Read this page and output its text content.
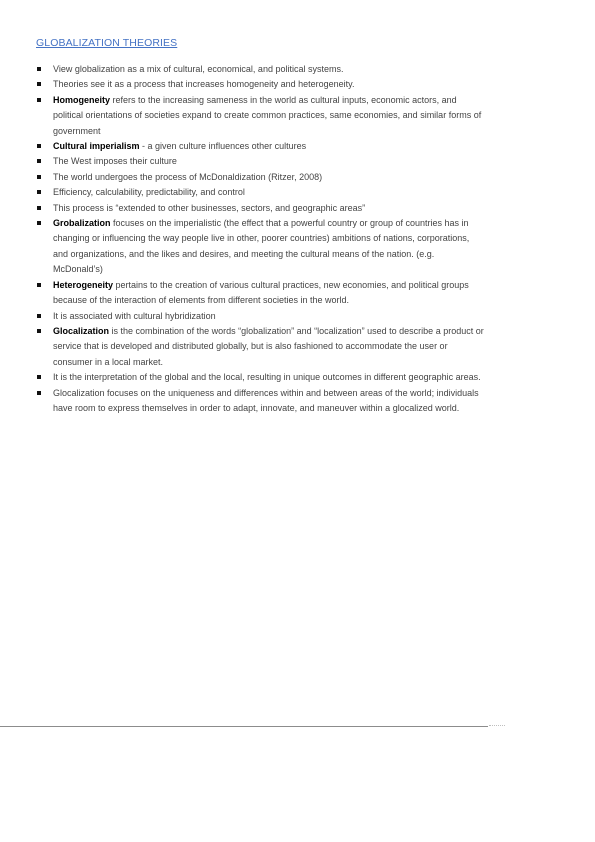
GLOBALIZATION THEORIES
View globalization as a mix of cultural, economical, and political systems.
Theories see it as a process that increases homogeneity and heterogeneity.
Homogeneity refers to the increasing sameness in the world as cultural inputs, economic actors, and political orientations of societies expand to create common practices, same economies, and similar forms of government
Cultural imperialism - a given culture influences other cultures
The West imposes their culture
The world undergoes the process of McDonaldization (Ritzer, 2008)
Efficiency, calculability, predictability, and control
This process is “extended to other businesses, sectors, and geographic areas”
Grobalization focuses on the imperialistic (the effect that a powerful country or group of countries has in changing or influencing the way people live in other, poorer countries) ambitions of nations, corporations, and organizations, and the likes and desires, and meeting the cultural means of the nation. (e.g. McDonald’s)
Heterogeneity pertains to the creation of various cultural practices, new economies, and political groups because of the interaction of elements from different societies in the world.
It is associated with cultural hybridization
Glocalization is the combination of the words “globalization” and “localization” used to describe a product or service that is developed and distributed globally, but is also fashioned to accommodate the user or consumer in a local market.
It is the interpretation of the global and the local, resulting in unique outcomes in different geographic areas.
Glocalization focuses on the uniqueness and differences within and between areas of the world; individuals have room to express themselves in order to adapt, innovate, and maneuver within a glocalized world.
